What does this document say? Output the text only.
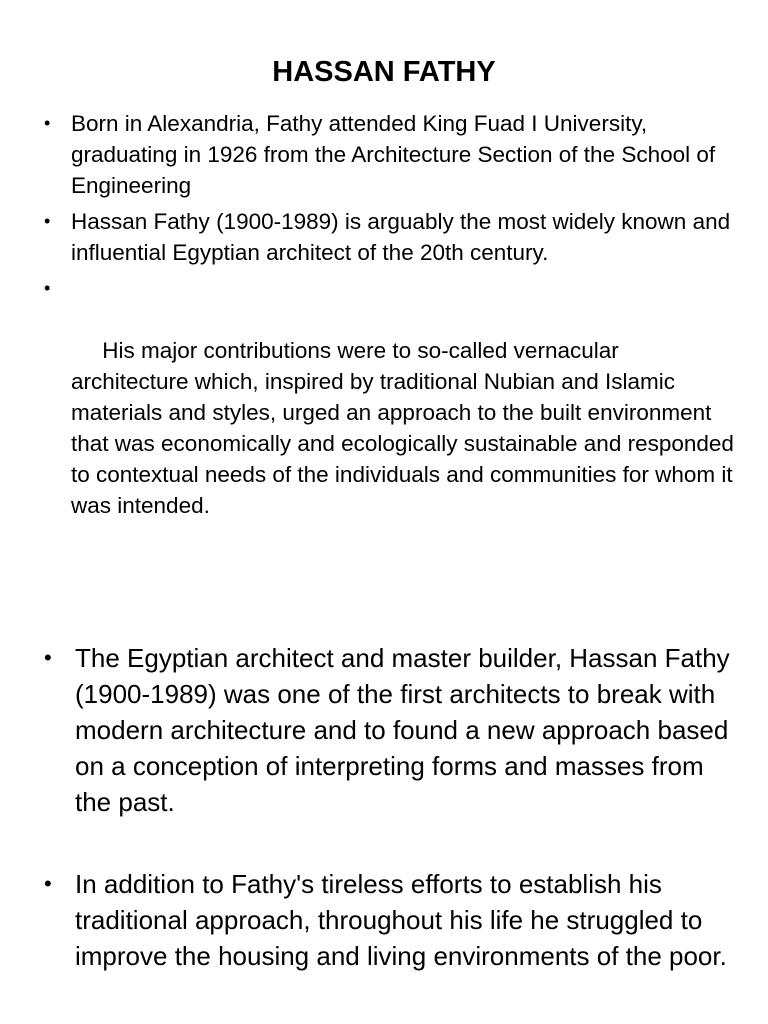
HASSAN FATHY
• Born in Alexandria, Fathy attended King Fuad I University, graduating in 1926 from the Architecture Section of the School of Engineering
• Hassan Fathy (1900-1989) is arguably the most widely known and influential Egyptian architect of the 20th century.

•

His major contributions were to so-called vernacular architecture which, inspired by traditional Nubian and Islamic materials and styles, urged an approach to the built environment that was economically and ecologically sustainable and responded to contextual needs of the individuals and communities for whom it was intended.

• The Egyptian architect and master builder, Hassan Fathy (1900-1989) was one of the first architects to break with modern architecture and to found a new approach based on a conception of interpreting forms and masses from the past.
• In addition to Fathy's tireless efforts to establish his traditional approach, throughout his life he struggled to improve the housing and living environments of the poor.
